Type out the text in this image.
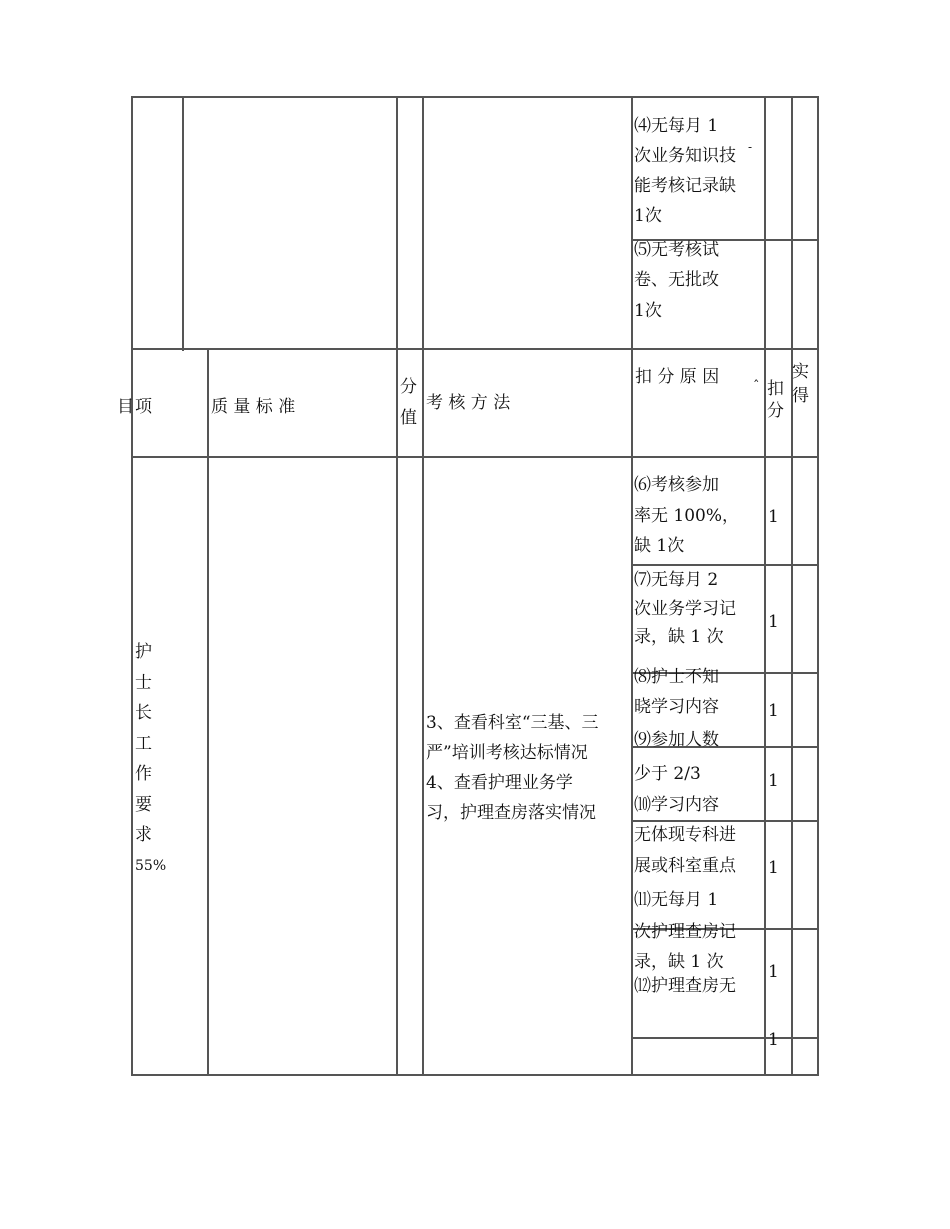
⑷无每月 1
次业务知识技
能考核记录缺
1次
-
⑸无考核试
卷、无批改
1次
目 项	质 量 标 准
分值
考 核 方 法
扣 分 原 因	ˆ 扣分
实得
护
士
长
工
作
要
求
55%
3、查看科室“三基、三
严”培训考核达标情况
4、查看护理业务学
习，护理查房落实情况
⑹考核参加
率无 100%，
缺 1次
⑺无每月 2
次业务学习记
录，缺 1 次
⑻护士不知
晓学习内容
⑼参加人数
少于 2/3
⑽学习内容
无体现专科进
展或科室重点
⑾无每月 1
次护理查房记
录，缺 1 次
⑿护理查房无
1
1
1
1
1
1
1
